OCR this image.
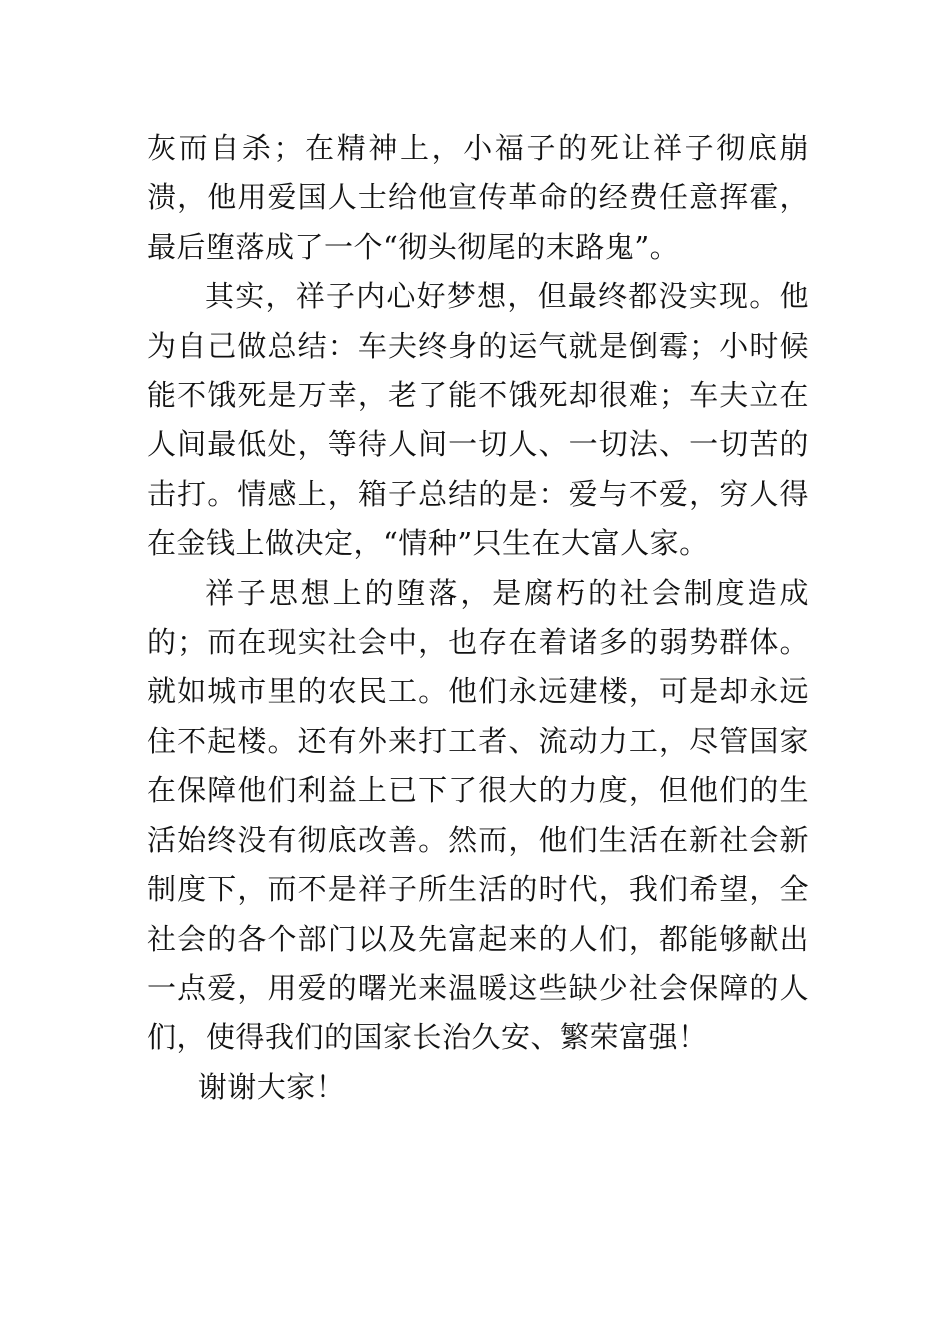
灰而自杀；在精神上，小福子的死让祥子彻底崩溃，他用爱国人士给他宣传革命的经费任意挥霍，最后堕落成了一个“彻头彻尾的末路鬼”。

其实，祥子内心好梦想，但最终都没实现。他为自己做总结：车夫终身的运气就是倒霉；小时候能不饿死是万幸，老了能不饿死却很难；车夫立在人间最低处，等待人间一切人、一切法、一切苦的击打。情感上，箱子总结的是：爱与不爱，穷人得在金钱上做决定，“情种”只生在大富人家。

祥子思想上的堕落，是腐朽的社会制度造成的；而在现实社会中，也存在着诸多的弱势群体。就如城市里的农民工。他们永远建楼，可是却永远住不起楼。还有外来打工者、流动力工，尽管国家在保障他们利益上已下了很大的力度，但他们的生活始终没有彻底改善。然而，他们生活在新社会新制度下，而不是祥子所生活的时代，我们希望，全社会的各个部门以及先富起来的人们，都能够献出一点爱，用爱的曙光来温暖这些缺少社会保障的人们，使得我们的国家长治久安、繁荣富强！

谢谢大家！
